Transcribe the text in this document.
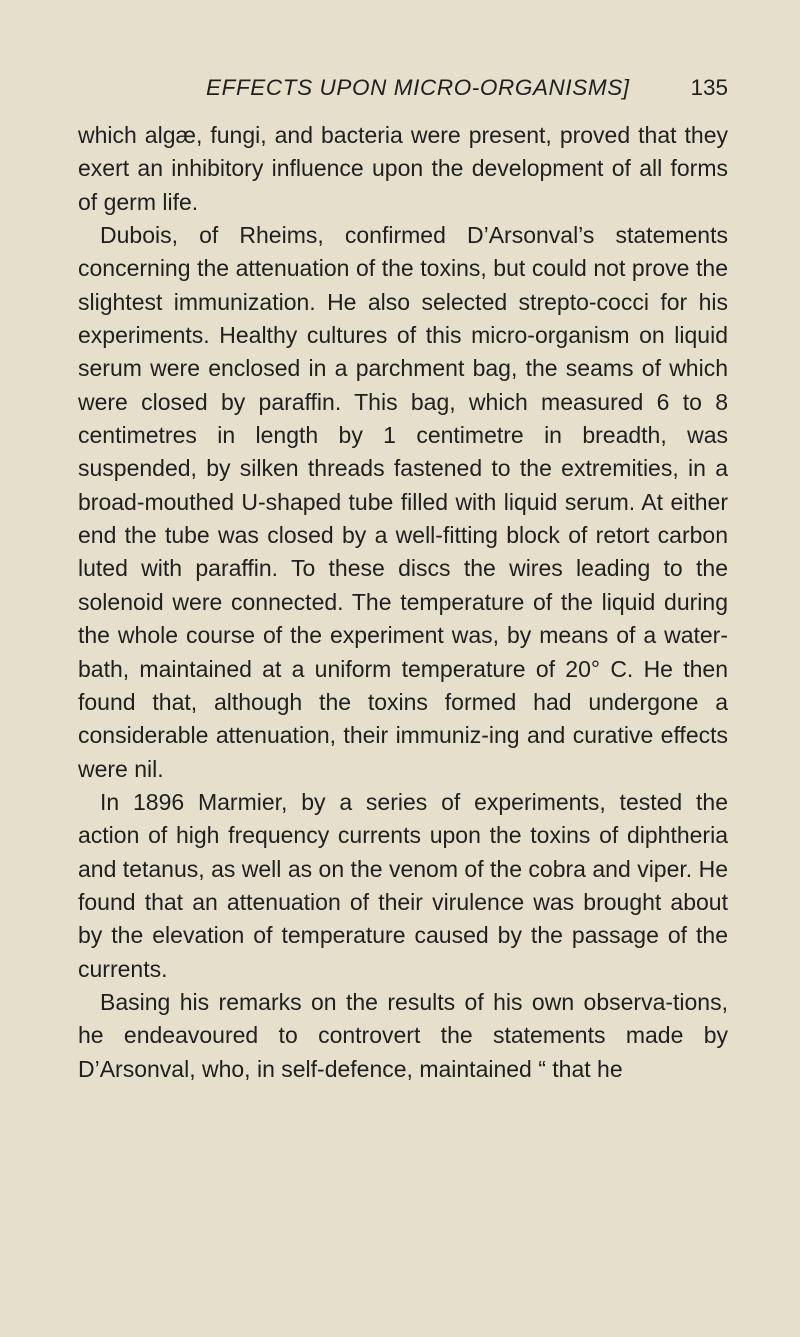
EFFECTS UPON MICRO-ORGANISMS]	135

which algæ, fungi, and bacteria were present, proved that they exert an inhibitory influence upon the development of all forms of germ life.

Dubois, of Rheims, confirmed D’Arsonval’s statements concerning the attenuation of the toxins, but could not prove the slightest immunization. He also selected strepto-cocci for his experiments. Healthy cultures of this micro-organism on liquid serum were enclosed in a parchment bag, the seams of which were closed by paraffin. This bag, which measured 6 to 8 centimetres in length by 1 centimetre in breadth, was suspended, by silken threads fastened to the extremities, in a broad-mouthed U-shaped tube filled with liquid serum. At either end the tube was closed by a well-fitting block of retort carbon luted with paraffin. To these discs the wires leading to the solenoid were connected. The temperature of the liquid during the whole course of the experiment was, by means of a water-bath, maintained at a uniform temperature of 20° C. He then found that, although the toxins formed had undergone a considerable attenuation, their immuniz-ing and curative effects were nil.

In 1896 Marmier, by a series of experiments, tested the action of high frequency currents upon the toxins of diphtheria and tetanus, as well as on the venom of the cobra and viper. He found that an attenuation of their virulence was brought about by the elevation of temperature caused by the passage of the currents.

Basing his remarks on the results of his own observa-tions, he endeavoured to controvert the statements made by D’Arsonval, who, in self-defence, maintained “ that he
